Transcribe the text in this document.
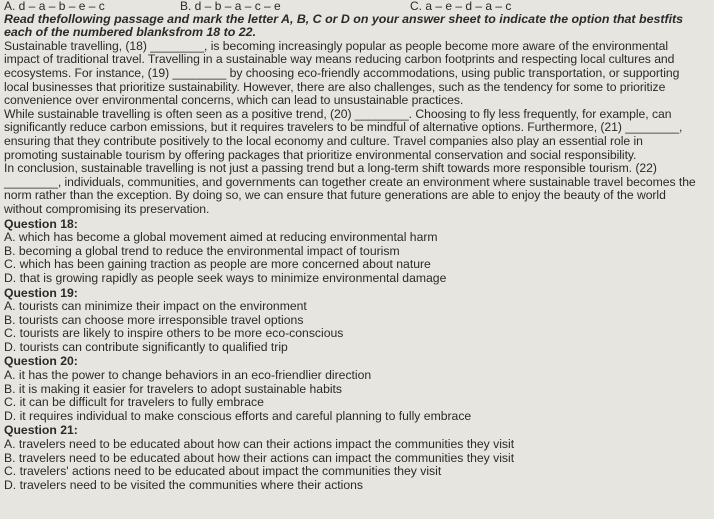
A. d – a – b – e – c	B. d – b – a – c – e	C. a – e – d – a – c
Read thefollowing passage and mark the letter A, B, C or D on your answer sheet to indicate the option that bestfits
each of the numbered blanksfrom 18 to 22.

Sustainable travelling, (18) ________, is becoming increasingly popular as people become more aware of the environmental

impact of traditional travel. Travelling in a sustainable way means reducing carbon footprints and respecting local cultures and

ecosystems. For instance, (19) ________ by choosing eco-friendly accommodations, using public transportation, or supporting

local businesses that prioritize sustainability. However, there are also challenges, such as the tendency for some to prioritize

convenience over environmental concerns, which can lead to unsustainable practices.

While sustainable travelling is often seen as a positive trend, (20) ________. Choosing to fly less frequently, for example, can

significantly reduce carbon emissions, but it requires travelers to be mindful of alternative options. Furthermore, (21) ________,

ensuring that they contribute positively to the local economy and culture. Travel companies also play an essential role in

promoting sustainable tourism by offering packages that prioritize environmental conservation and social responsibility.

In conclusion, sustainable travelling is not just a passing trend but a long-term shift towards more responsible tourism. (22)

________, individuals, communities, and governments can together create an environment where sustainable travel becomes the

norm rather than the exception. By doing so, we can ensure that future generations are able to enjoy the beauty of the world

without compromising its preservation.

Question 18:
A. which has become a global movement aimed at reducing environmental harm
B. becoming a global trend to reduce the environmental impact of tourism
C. which has been gaining traction as people are more concerned about nature
D. that is growing rapidly as people seek ways to minimize environmental damage
Question 19:
A. tourists can minimize their impact on the environment
B. tourists can choose more irresponsible travel options
C. tourists are likely to inspire others to be more eco-conscious
D. tourists can contribute significantly to qualified trip
Question 20:
A. it has the power to change behaviors in an eco-friendlier direction
B. it is making it easier for travelers to adopt sustainable habits
C. it can be difficult for travelers to fully embrace
D. it requires individual to make conscious efforts and careful planning to fully embrace
Question 21:
A. travelers need to be educated about how can their actions impact the communities they visit
B. travelers need to be educated about how their actions can impact the communities they visit
C. travelers' actions need to be educated about impact the communities they visit
D. travelers need to be visited the communities where their actions
